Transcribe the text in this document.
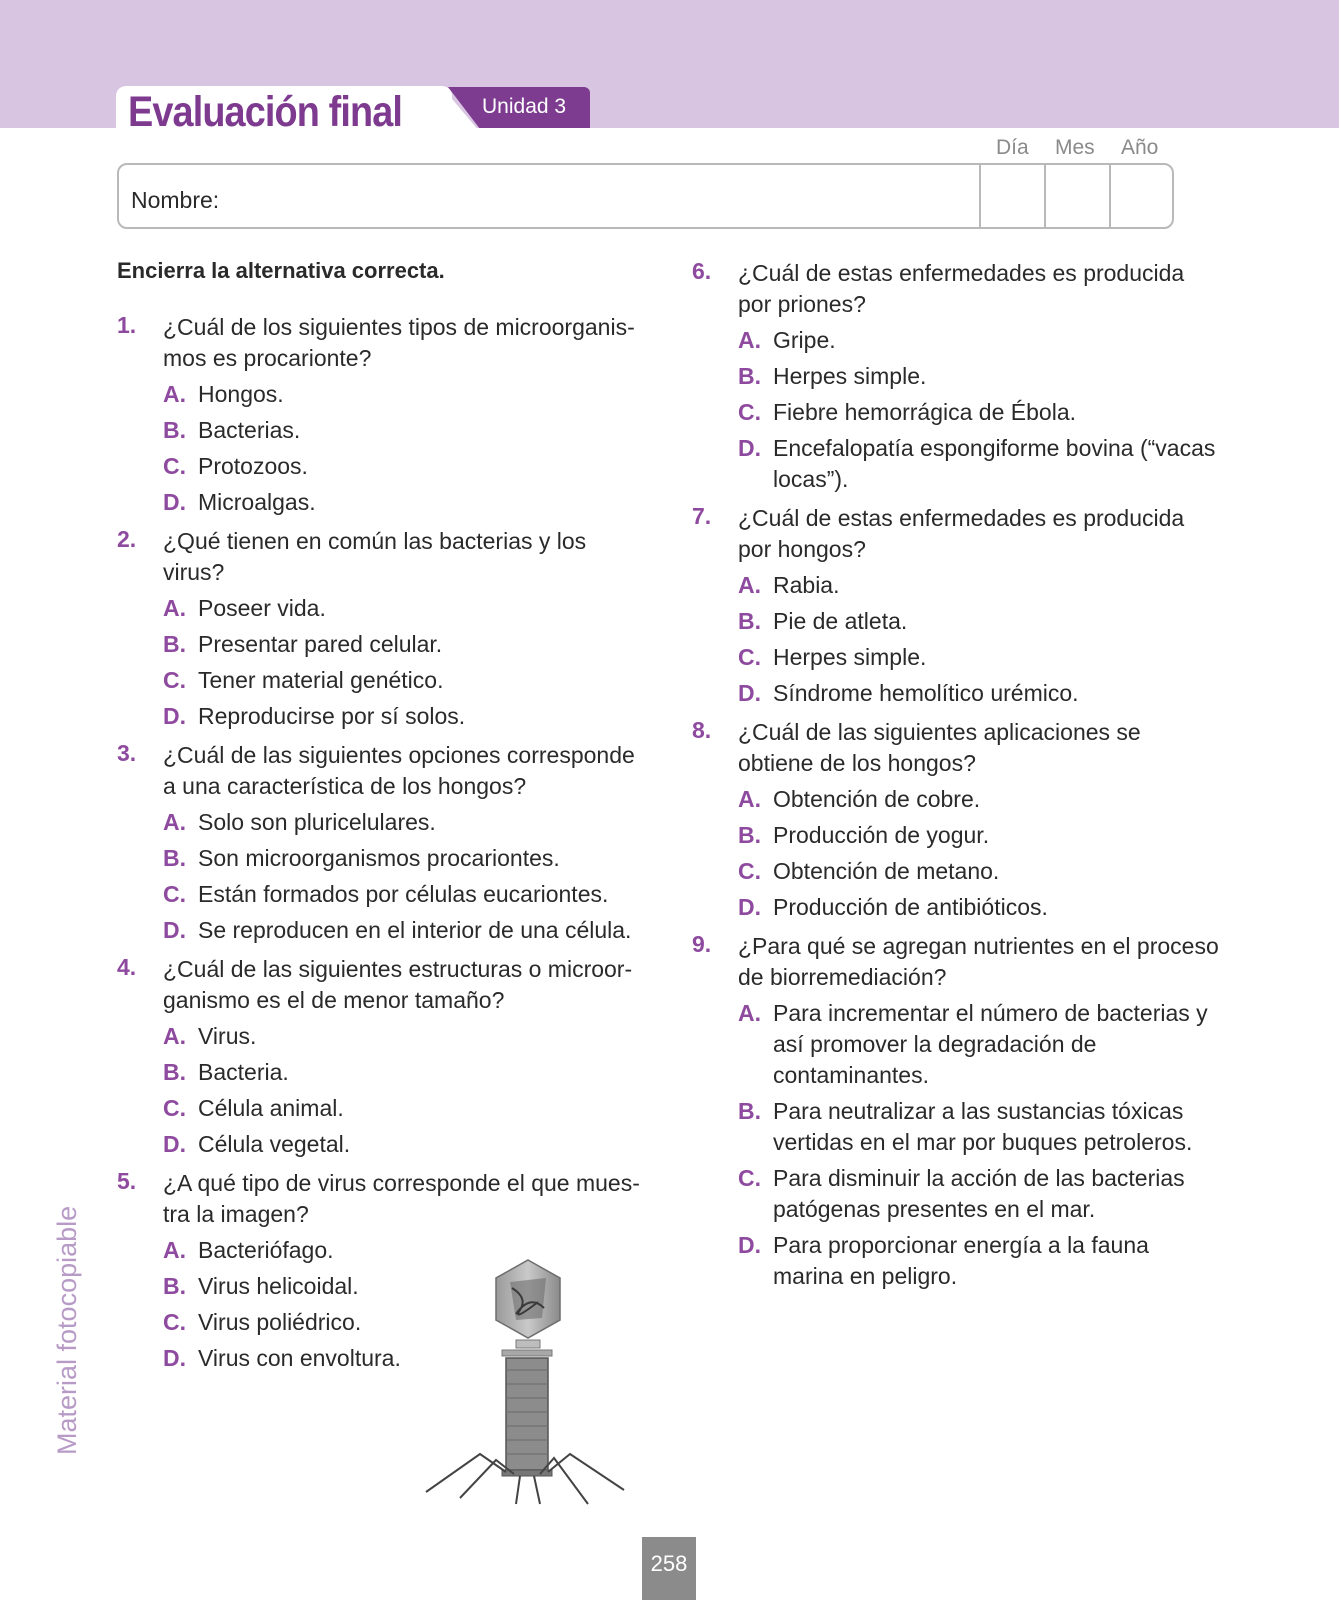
Evaluación final	Unidad 3
Día Mes Año
Nombre:
Encierra la alternativa correcta.
1. ¿Cuál de los siguientes tipos de microorganis-mos es procarionte?
A. Hongos.
B. Bacterias.
C. Protozoos.
D. Microalgas.
2. ¿Qué tienen en común las bacterias y los virus?
A. Poseer vida.
B. Presentar pared celular.
C. Tener material genético.
D. Reproducirse por sí solos.
3. ¿Cuál de las siguientes opciones corresponde a una característica de los hongos?
A. Solo son pluricelulares.
B. Son microorganismos procariontes.
C. Están formados por células eucariontes.
D. Se reproducen en el interior de una célula.
4. ¿Cuál de las siguientes estructuras o microor-ganismo es el de menor tamaño?
A. Virus.
B. Bacteria.
C. Célula animal.
D. Célula vegetal.
5. ¿A qué tipo de virus corresponde el que mues-tra la imagen?
A. Bacteriófago.
B. Virus helicoidal.
C. Virus poliédrico.
D. Virus con envoltura.
6. ¿Cuál de estas enfermedades es producida por priones?
A. Gripe.
B. Herpes simple.
C. Fiebre hemorrágica de Ébola.
D. Encefalopatía espongiforme bovina (“vacas locas”).
7. ¿Cuál de estas enfermedades es producida por hongos?
A. Rabia.
B. Pie de atleta.
C. Herpes simple.
D. Síndrome hemolítico urémico.
8. ¿Cuál de las siguientes aplicaciones se obtiene de los hongos?
A. Obtención de cobre.
B. Producción de yogur.
C. Obtención de metano.
D. Producción de antibióticos.
9. ¿Para qué se agregan nutrientes en el proceso de biorremediación?
A. Para incrementar el número de bacterias y así promover la degradación de contaminantes.
B. Para neutralizar a las sustancias tóxicas vertidas en el mar por buques petroleros.
C. Para disminuir la acción de las bacterias patógenas presentes en el mar.
D. Para proporcionar energía a la fauna marina en peligro.
Material fotocopiable
258
